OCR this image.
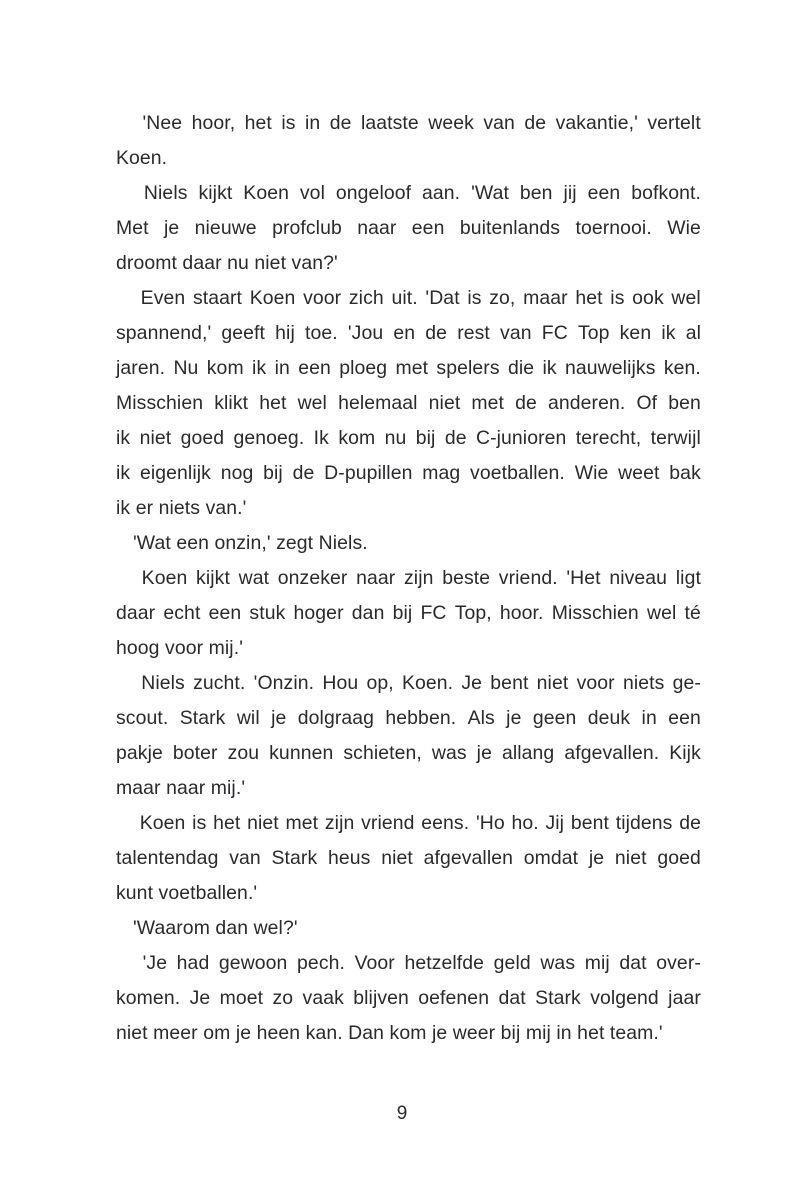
'Nee hoor, het is in de laatste week van de vakantie,' vertelt
Koen.

Niels kijkt Koen vol ongeloof aan. 'Wat ben jij een bofkont.
Met je nieuwe profclub naar een buitenlands toernooi. Wie
droomt daar nu niet van?'

Even staart Koen voor zich uit. 'Dat is zo, maar het is ook wel
spannend,' geeft hij toe. 'Jou en de rest van FC Top ken ik al
jaren. Nu kom ik in een ploeg met spelers die ik nauwelijks ken.
Misschien klikt het wel helemaal niet met de anderen. Of ben
ik niet goed genoeg. Ik kom nu bij de C-junioren terecht, terwijl
ik eigenlijk nog bij de D-pupillen mag voetballen. Wie weet bak
ik er niets van.'

'Wat een onzin,' zegt Niels.

Koen kijkt wat onzeker naar zijn beste vriend. 'Het niveau ligt
daar echt een stuk hoger dan bij FC Top, hoor. Misschien wel té
hoog voor mij.'

Niels zucht. 'Onzin. Hou op, Koen. Je bent niet voor niets ge-
scout. Stark wil je dolgraag hebben. Als je geen deuk in een
pakje boter zou kunnen schieten, was je allang afgevallen. Kijk
maar naar mij.'

Koen is het niet met zijn vriend eens. 'Ho ho. Jij bent tijdens de
talentendag van Stark heus niet afgevallen omdat je niet goed
kunt voetballen.'

'Waarom dan wel?'

'Je had gewoon pech. Voor hetzelfde geld was mij dat over-
komen. Je moet zo vaak blijven oefenen dat Stark volgend jaar
niet meer om je heen kan. Dan kom je weer bij mij in het team.'

9
